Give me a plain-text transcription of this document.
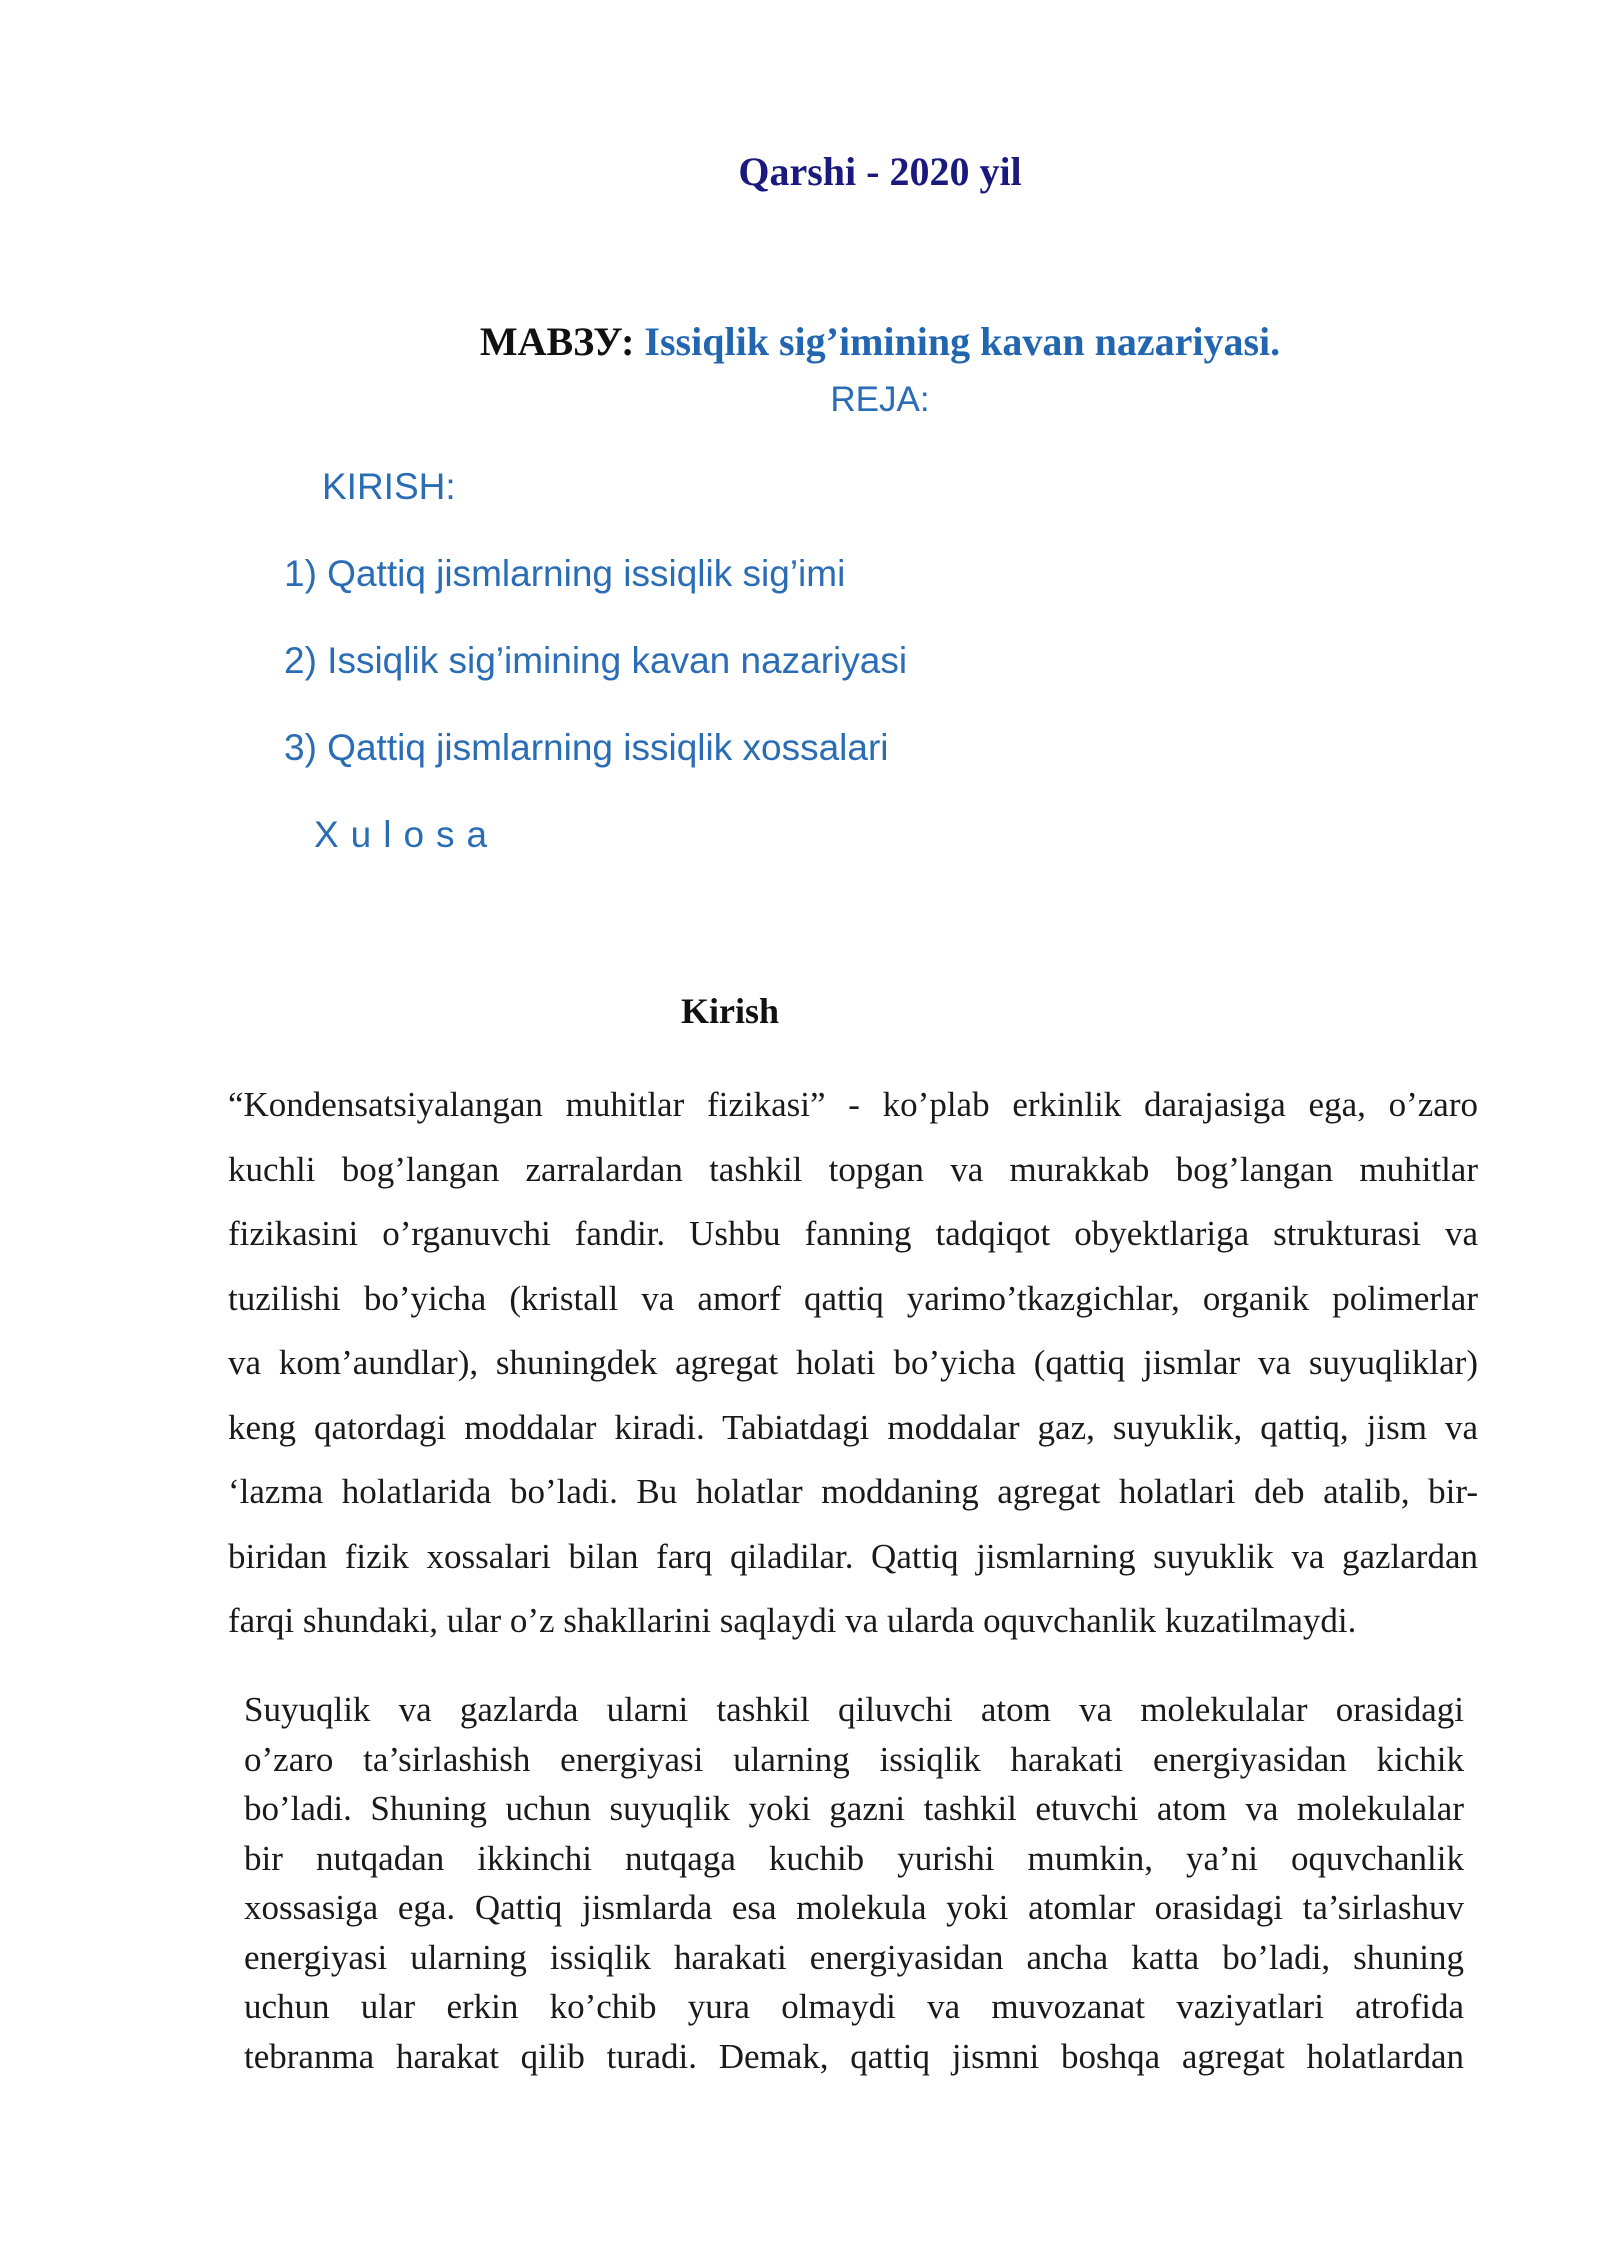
Qarshi - 2020 yil
МАВЗУ: Issiqlik sig’imining kavan nazariyasi.
REJA:
KIRISH:
1) Qattiq jismlarning issiqlik sig’imi
2) Issiqlik sig’imining kavan nazariyasi
3) Qattiq jismlarning issiqlik xossalari
Xulosa
Kirish
“Kondensatsiyalangan muhitlar fizikasi” - ko’plab erkinlik darajasiga ega, o’zaro
kuchli bog’langan zarralardan tashkil topgan va murakkab bog’langan muhitlar
fizikasini o’rganuvchi fandir. Ushbu fanning tadqiqot obyektlariga strukturasi va
tuzilishi bo’yicha (kristall va amorf qattiq yarimo’tkazgichlar, organik polimerlar
va kom’aundlar), shuningdek agregat holati bo’yicha (qattiq jismlar va suyuqliklar)
keng qatordagi moddalar kiradi. Tabiatdagi moddalar gaz, suyuklik, qattiq, jism va
‘lazma holatlarida bo’ladi. Bu holatlar moddaning agregat holatlari deb atalib, bir-
biridan fizik xossalari bilan farq qiladilar. Qattiq jismlarning suyuklik va gazlardan
farqi shundaki, ular o’z shakllarini saqlaydi va ularda oquvchanlik kuzatilmaydi.
Suyuqlik va gazlarda ularni tashkil qiluvchi atom va molekulalar orasidagi
o’zaro ta’sirlashish energiyasi ularning issiqlik harakati energiyasidan kichik
bo’ladi. Shuning uchun suyuqlik yoki gazni tashkil etuvchi atom va molekulalar
bir nutqadan ikkinchi nutqaga kuchib yurishi mumkin, ya’ni oquvchanlik
xossasiga ega. Qattiq jismlarda esa molekula yoki atomlar orasidagi ta’sirlashuv
energiyasi ularning issiqlik harakati energiyasidan ancha katta bo’ladi, shuning
uchun ular erkin ko’chib yura olmaydi va muvozanat vaziyatlari atrofida
tebranma harakat qilib turadi. Demak, qattiq jismni boshqa agregat holatlardan
